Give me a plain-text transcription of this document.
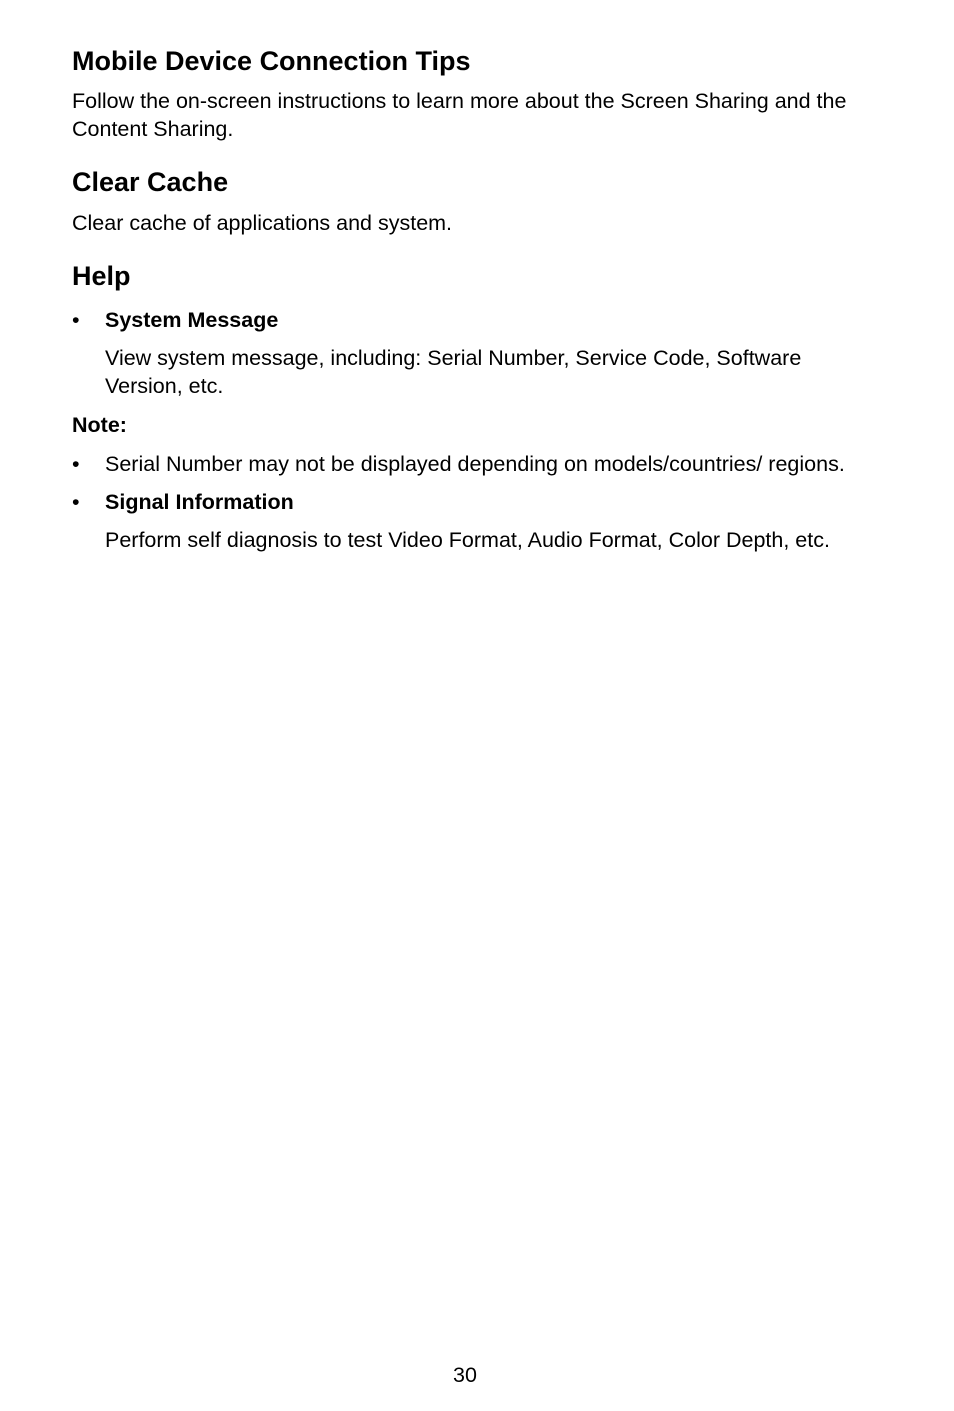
Mobile Device Connection Tips

Follow the on-screen instructions to learn more about the Screen Sharing and the Content Sharing.

Clear Cache

Clear cache of applications and system.

Help
• System Message
View system message, including: Serial Number, Service Code, Software Version, etc.
Note:
• Serial Number may not be displayed depending on models/countries/ regions.
• Signal Information
Perform self diagnosis to test Video Format, Audio Format, Color Depth, etc.
30
